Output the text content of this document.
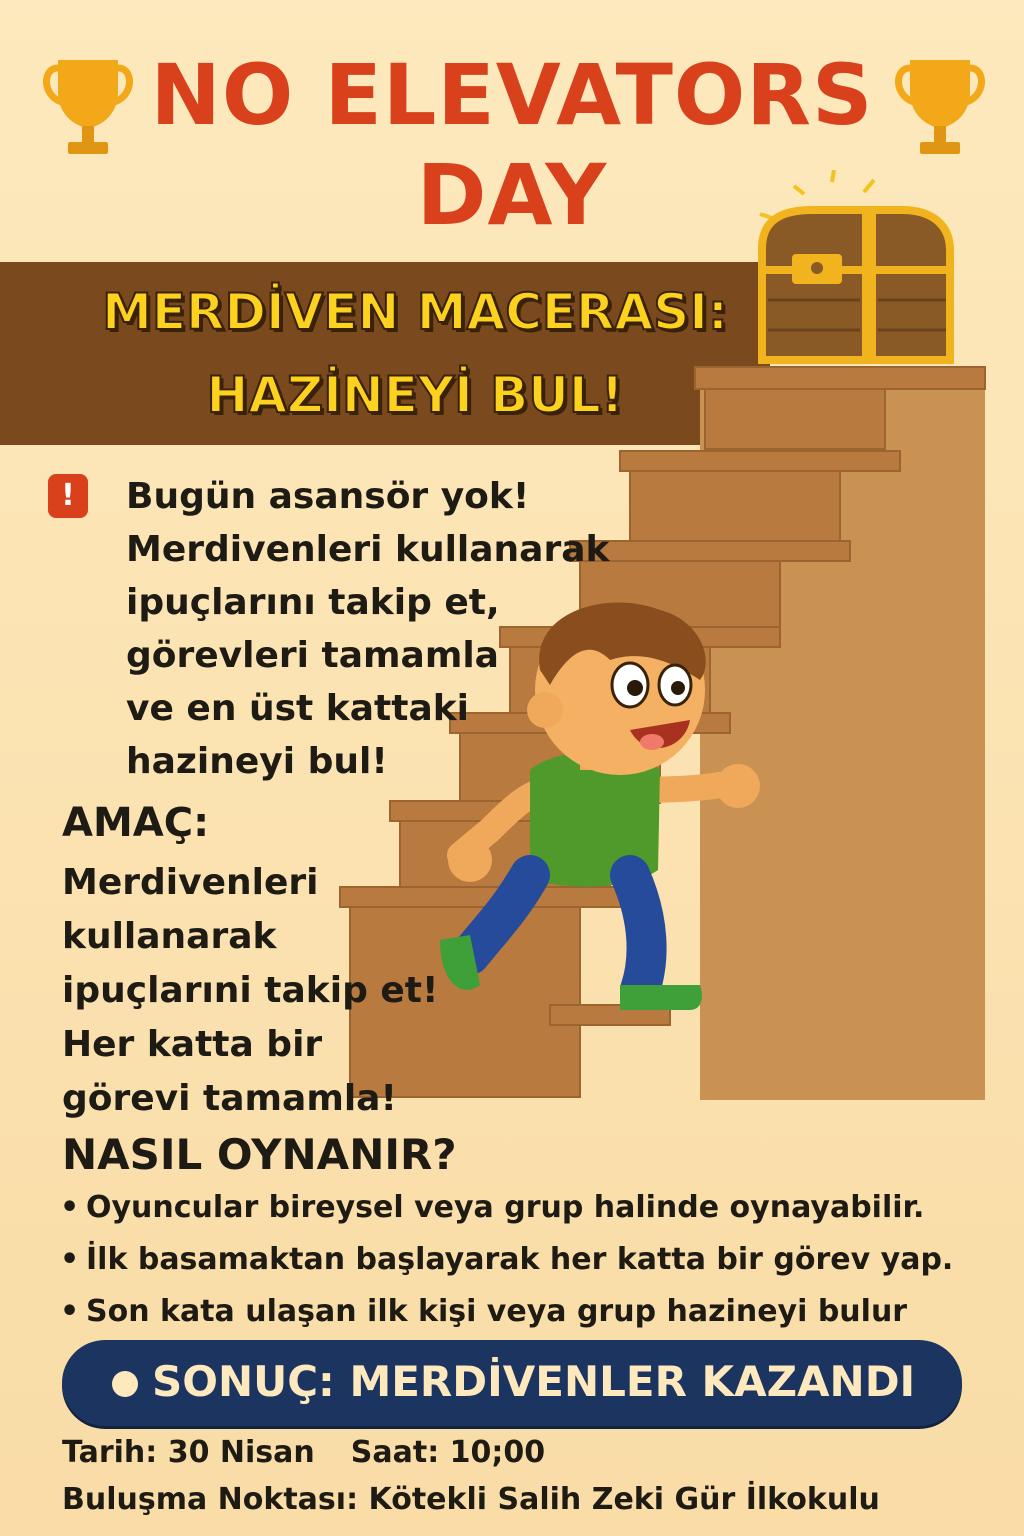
NO ELEVATORS
DAY
MERDİVEN MACERASI:
HAZİNEYİ BUL!
!	Bugün asansör yok!
Merdivenleri kullanarak
ipuçlarını takip et,
görevleri tamamla
ve en üst kattaki
hazineyi bul!
AMAÇ:
Merdivenleri
kullanarak
ipuçlarıni takip et!
Her katta bir
görevi tamamla!
NASIL OYNANIR?
• Oyuncular bireysel veya grup halinde oynayabilir.
• İlk basamaktan başlayarak her katta bir görev yap.
• Son kata ulaşan ilk kişi veya grup hazineyi bulur
SONUÇ: MERDİVENLER KAZANDI
Tarih: 30 Nisan Saat: 10;00
Buluşma Noktası: Kötekli Salih Zeki Gür İlkokulu
